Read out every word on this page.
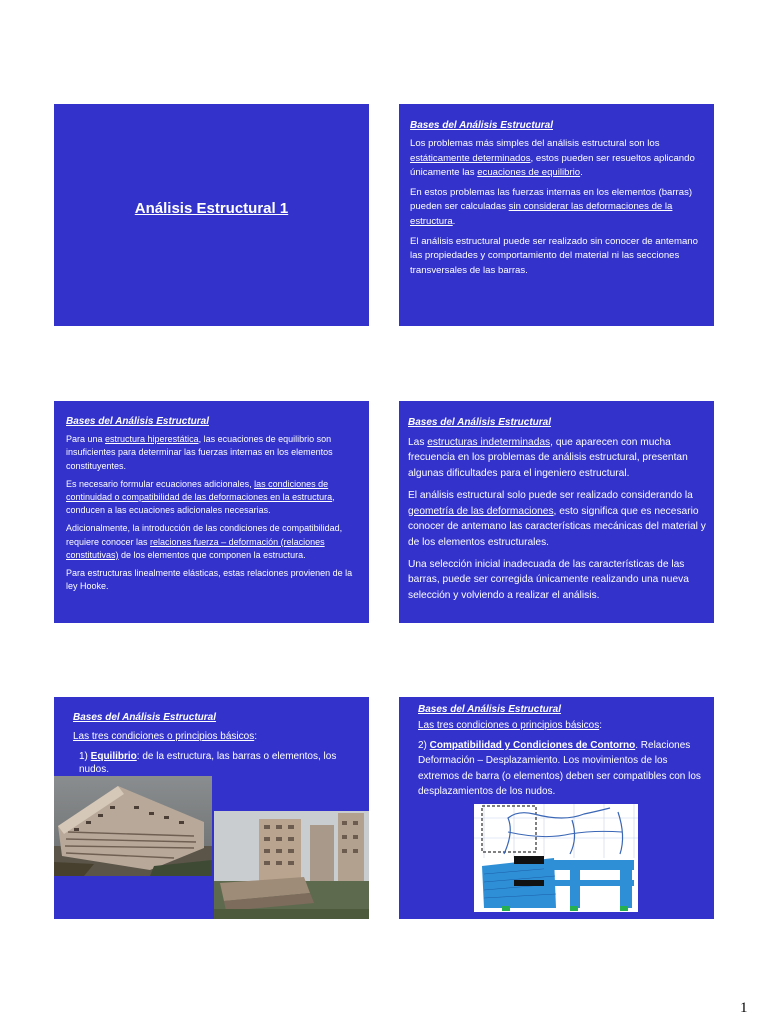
Análisis Estructural 1

Bases del Análisis Estructural

Los problemas más simples del análisis estructural son los estáticamente determinados, estos pueden ser resueltos aplicando únicamente las ecuaciones de equilibrio.

En estos problemas las fuerzas internas en los elementos (barras) pueden ser calculadas sin considerar las deformaciones de la estructura.

El análisis estructural puede ser realizado sin conocer de antemano las propiedades y comportamiento del material ni las secciones transversales de las barras.

Bases del Análisis Estructural

Para una estructura hiperestática, las ecuaciones de equilibrio son insuficientes para determinar las fuerzas internas en los elementos constituyentes.

Es necesario formular ecuaciones adicionales, las condiciones de continuidad o compatibilidad de las deformaciones en la estructura, conducen a las ecuaciones adicionales necesarias.

Adicionalmente, la introducción de las condiciones de compatibilidad, requiere conocer las relaciones fuerza – deformación (relaciones constitutivas) de los elementos que componen la estructura.

Para estructuras linealmente elásticas, estas relaciones provienen de la ley Hooke.

Bases del Análisis Estructural

Las estructuras indeterminadas, que aparecen con mucha frecuencia en los problemas de análisis estructural, presentan algunas dificultades para el ingeniero estructural.

El análisis estructural solo puede ser realizado considerando la geometría de las deformaciones, esto significa que es necesario conocer de antemano las características mecánicas del material y de los elementos estructurales.

Una selección inicial inadecuada de las características de las barras, puede ser corregida únicamente realizando una nueva selección y volviendo a realizar el análisis.

Bases del Análisis Estructural

Las tres condiciones o principios básicos:

1) Equilibrio: de la estructura, las barras o elementos, los nudos.

Bases del Análisis Estructural

Las tres condiciones o principios básicos:

2) Compatibilidad y Condiciones de Contorno. Relaciones Deformación – Desplazamiento. Los movimientos de los extremos de barra (o elementos) deben ser compatibles con los desplazamientos de los nudos.

1
